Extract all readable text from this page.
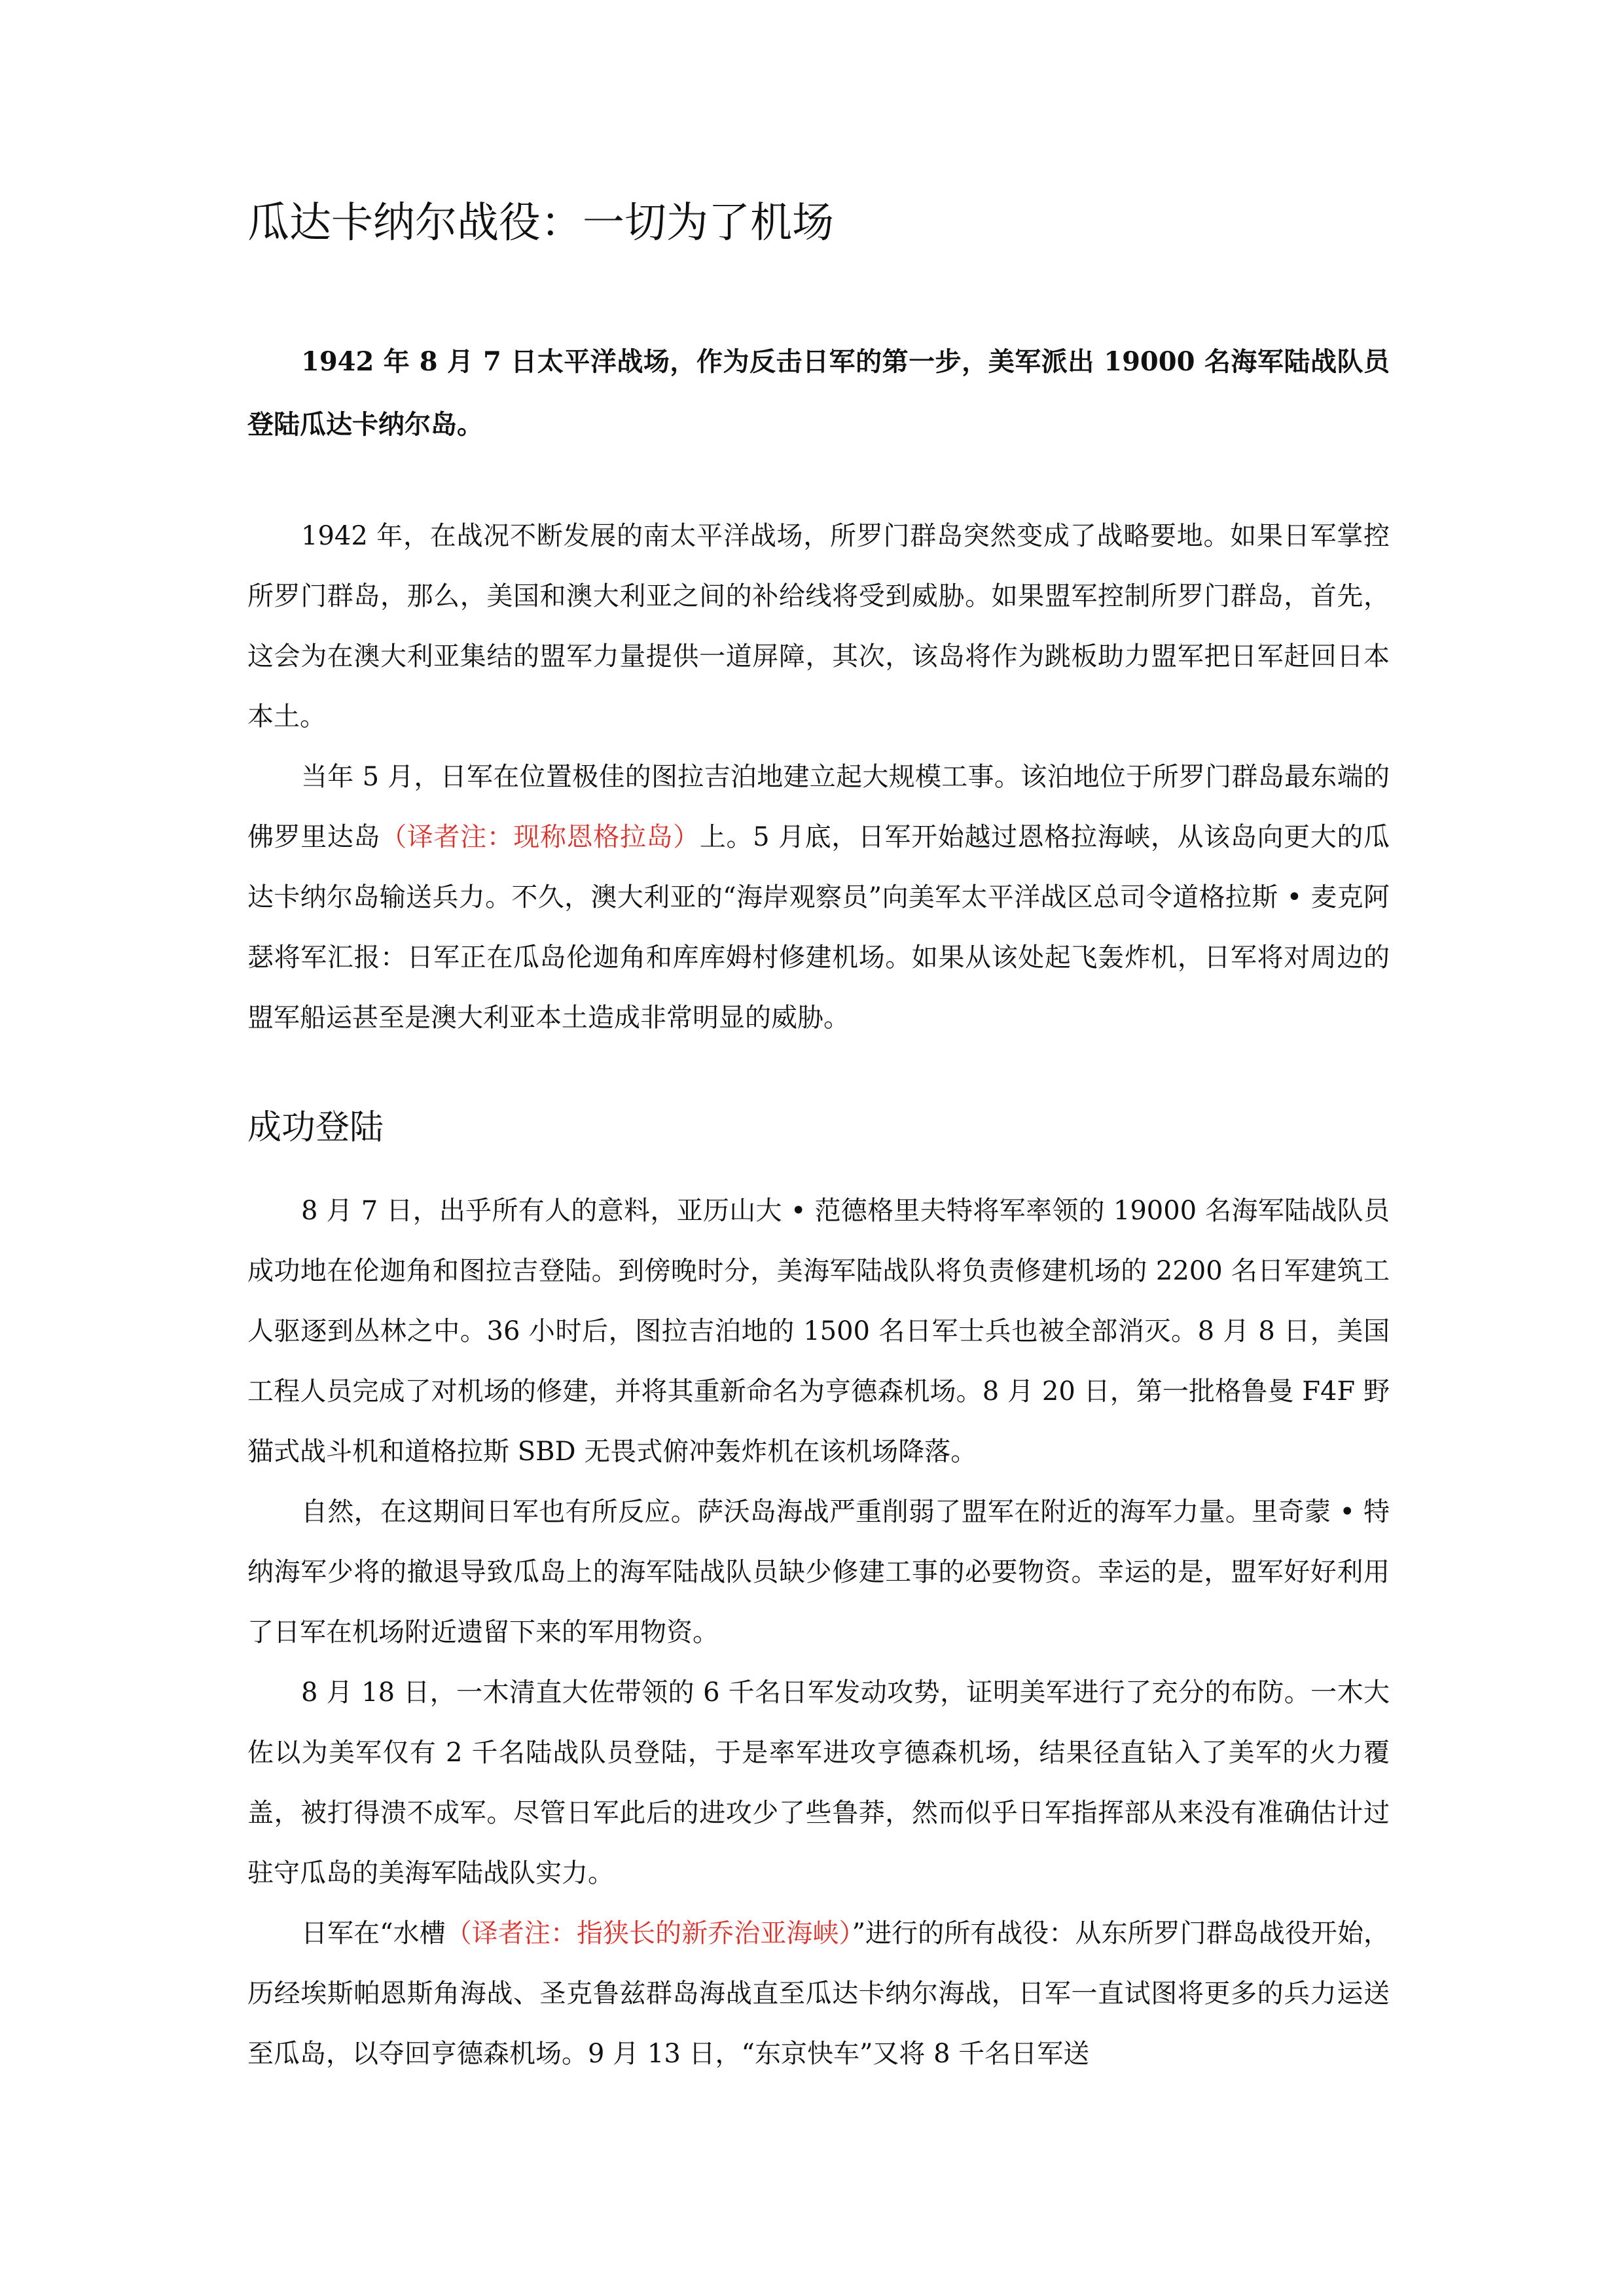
瓜达卡纳尔战役：一切为了机场

1942 年 8 月 7 日太平洋战场，作为反击日军的第一步，美军派出 19000 名海军陆战队员登陆瓜达卡纳尔岛。

1942 年，在战况不断发展的南太平洋战场，所罗门群岛突然变成了战略要地。如果日军掌控所罗门群岛，那么，美国和澳大利亚之间的补给线将受到威胁。如果盟军控制所罗门群岛，首先，这会为在澳大利亚集结的盟军力量提供一道屏障，其次，该岛将作为跳板助力盟军把日军赶回日本本土。

当年 5 月，日军在位置极佳的图拉吉泊地建立起大规模工事。该泊地位于所罗门群岛最东端的佛罗里达岛（译者注：现称恩格拉岛）上。5 月底，日军开始越过恩格拉海峡，从该岛向更大的瓜达卡纳尔岛输送兵力。不久，澳大利亚的“海岸观察员”向美军太平洋战区总司令道格拉斯 • 麦克阿瑟将军汇报：日军正在瓜岛伦迦角和库库姆村修建机场。如果从该处起飞轰炸机，日军将对周边的盟军船运甚至是澳大利亚本土造成非常明显的威胁。

成功登陆

8 月 7 日，出乎所有人的意料，亚历山大 • 范德格里夫特将军率领的 19000 名海军陆战队员成功地在伦迦角和图拉吉登陆。到傍晚时分，美海军陆战队将负责修建机场的 2200 名日军建筑工人驱逐到丛林之中。36 小时后，图拉吉泊地的 1500 名日军士兵也被全部消灭。8 月 8 日，美国工程人员完成了对机场的修建，并将其重新命名为亨德森机场。8 月 20 日，第一批格鲁曼 F4F 野猫式战斗机和道格拉斯 SBD 无畏式俯冲轰炸机在该机场降落。

自然，在这期间日军也有所反应。萨沃岛海战严重削弱了盟军在附近的海军力量。里奇蒙 • 特纳海军少将的撤退导致瓜岛上的海军陆战队员缺少修建工事的必要物资。幸运的是，盟军好好利用了日军在机场附近遗留下来的军用物资。

8 月 18 日，一木清直大佐带领的 6 千名日军发动攻势，证明美军进行了充分的布防。一木大佐以为美军仅有 2 千名陆战队员登陆，于是率军进攻亨德森机场，结果径直钻入了美军的火力覆盖，被打得溃不成军。尽管日军此后的进攻少了些鲁莽，然而似乎日军指挥部从来没有准确估计过驻守瓜岛的美海军陆战队实力。

日军在“水槽（译者注：指狭长的新乔治亚海峡）”进行的所有战役：从东所罗门群岛战役开始，历经埃斯帕恩斯角海战、圣克鲁兹群岛海战直至瓜达卡纳尔海战，日军一直试图将更多的兵力运送至瓜岛，以夺回亨德森机场。9 月 13 日，“东京快车”又将 8 千名日军送
